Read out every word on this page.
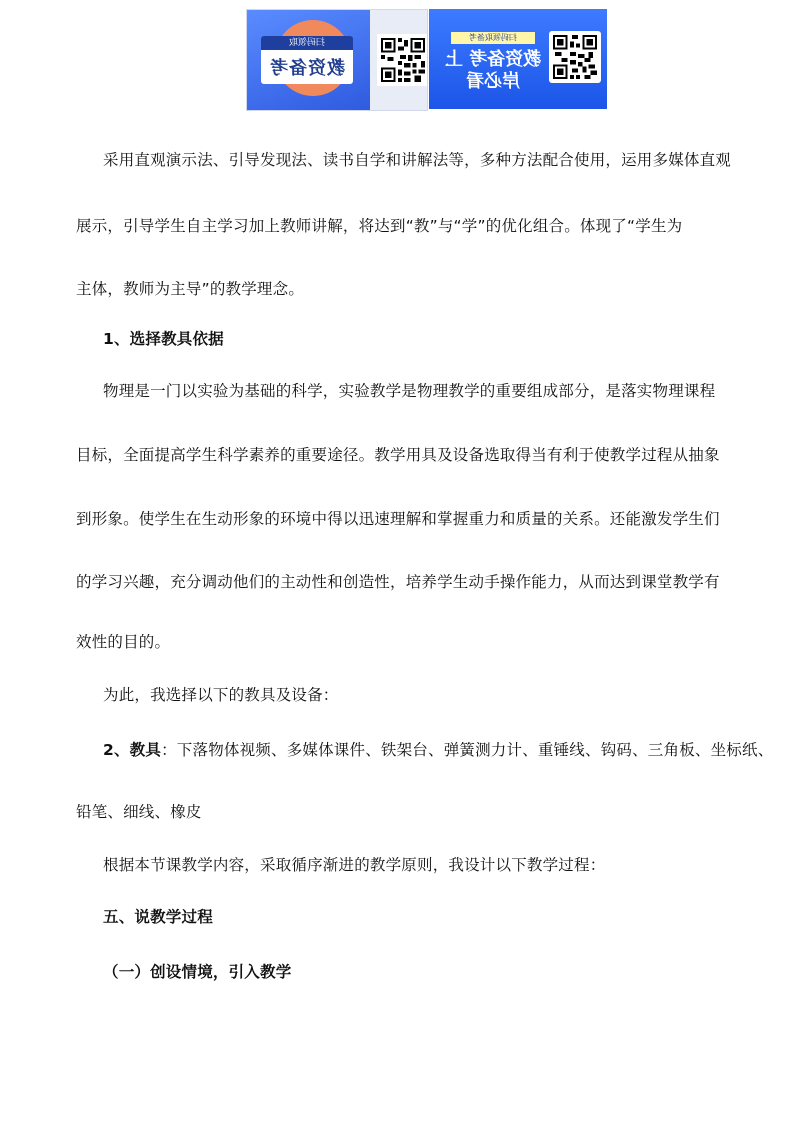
扫码领取
教资备考
扫码领取备考
教资备考 上岸必看
采用直观演示法、引导发现法、读书自学和讲解法等，多种方法配合使用，运用多媒体直观
展示，引导学生自主学习加上教师讲解，将达到“教”与“学”的优化组合。体现了“学生为
主体，教师为主导”的教学理念。
1、选择教具依据
物理是一门以实验为基础的科学，实验教学是物理教学的重要组成部分，是落实物理课程
目标，全面提高学生科学素养的重要途径。教学用具及设备选取得当有利于使教学过程从抽象
到形象。使学生在生动形象的环境中得以迅速理解和掌握重力和质量的关系。还能激发学生们
的学习兴趣，充分调动他们的主动性和创造性，培养学生动手操作能力，从而达到课堂教学有
效性的目的。
为此，我选择以下的教具及设备：
2、教具：下落物体视频、多媒体课件、铁架台、弹簧测力计、重锤线、钩码、三角板、坐标纸、
铅笔、细线、橡皮
根据本节课教学内容，采取循序渐进的教学原则，我设计以下教学过程：
五、说教学过程
（一）创设情境，引入教学
